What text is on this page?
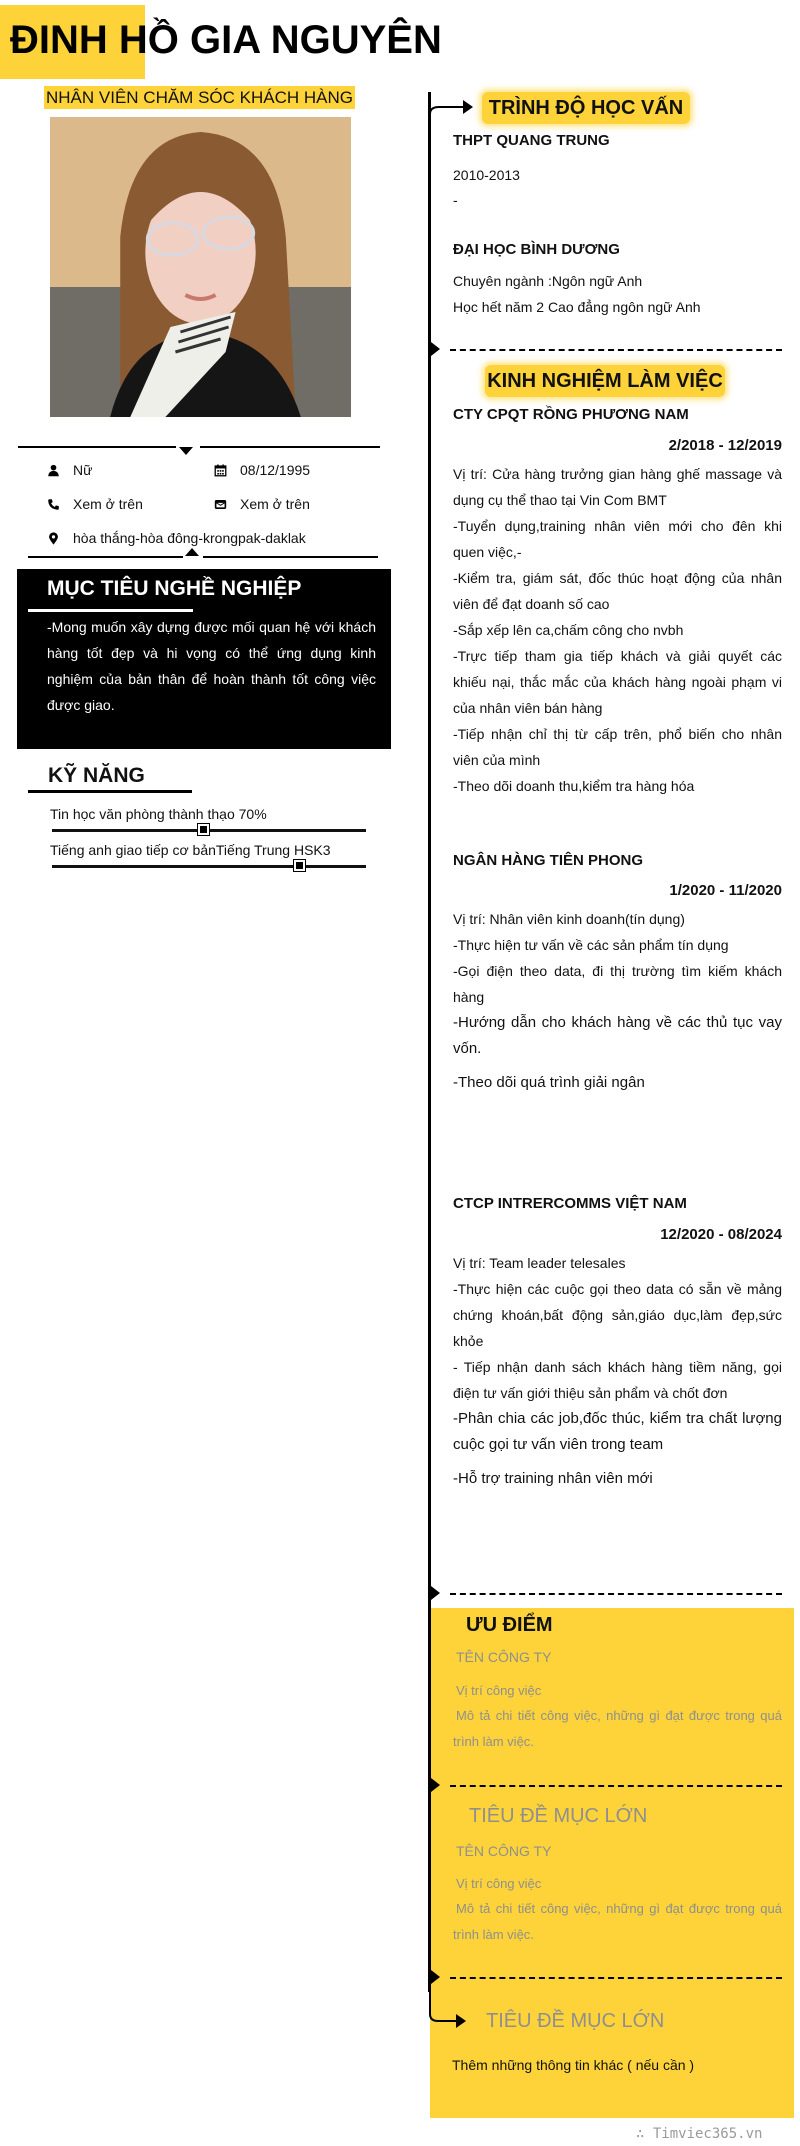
ĐINH HỒ GIA NGUYÊN
NHÂN VIÊN CHĂM SÓC KHÁCH HÀNG
Nữ	08/12/1995
Xem ở trên	Xem ở trên
hòa thắng-hòa đông-krongpak-daklak
MỤC TIÊU NGHỀ NGHIỆP

-Mong muốn xây dựng được mối quan hệ với khách hàng tốt đẹp và hi vọng có thể ứng dụng kinh nghiệm của bản thân để hoàn thành tốt công việc được giao.

KỸ NĂNG
Tin học văn phòng thành thạo 70%
Tiếng anh giao tiếp cơ bảnTiếng Trung HSK3
TRÌNH ĐỘ HỌC VẤN
THPT QUANG TRUNG
2010-2013
-
ĐẠI HỌC BÌNH DƯƠNG
Chuyên ngành :Ngôn ngữ Anh
Học hết năm 2 Cao đẳng ngôn ngữ Anh
KINH NGHIỆM LÀM VIỆC
CTY CPQT RỒNG PHƯƠNG NAM
2/2018 - 12/2019
Vị trí: Cửa hàng trưởng gian hàng ghế massage và dụng cụ thể thao tại Vin Com BMT
-Tuyển dụng,training nhân viên mới cho đên khi quen việc,-
-Kiểm tra, giám sát, đốc thúc hoạt động của nhân viên để đạt doanh số cao
-Sắp xếp lên ca,chấm công cho nvbh
-Trực tiếp tham gia tiếp khách và giải quyết các khiếu nại, thắc mắc của khách hàng ngoài phạm vi của nhân viên bán hàng
-Tiếp nhận chỉ thị từ cấp trên, phổ biến cho nhân viên của mình
-Theo dõi doanh thu,kiểm tra hàng hóa
NGÂN HÀNG TIÊN PHONG
1/2020 - 11/2020
Vị trí: Nhân viên kinh doanh(tín dụng)
-Thực hiện tư vấn về các sản phẩm tín dụng
-Gọi điện theo data, đi thị trường tìm kiếm khách hàng
-Hướng dẫn cho khách hàng về các thủ tục vay vốn.
-Theo dõi quá trình giải ngân
CTCP INTRERCOMMS VIỆT NAM
12/2020 - 08/2024
Vị trí: Team leader telesales
-Thực hiện các cuộc gọi theo data có sẵn về mảng chứng khoán,bất động sản,giáo dục,làm đẹp,sức khỏe
- Tiếp nhận danh sách khách hàng tiềm năng, gọi điện tư vấn giới thiệu sản phẩm và chốt đơn
-Phân chia các job,đốc thúc, kiểm tra chất lượng cuộc gọi tư vấn viên trong team
-Hỗ trợ training nhân viên mới
ƯU ĐIỂM
TÊN CÔNG TY
Vị trí công việc
Mô tả chi tiết công việc, những gì đạt được trong quá trình làm việc.
TIÊU ĐỀ MỤC LỚN
TÊN CÔNG TY
Vị trí công việc
Mô tả chi tiết công việc, những gì đạt được trong quá trình làm việc.
TIÊU ĐỀ MỤC LỚN
Thêm những thông tin khác ( nếu cần )
∴ Timviec365.vn
